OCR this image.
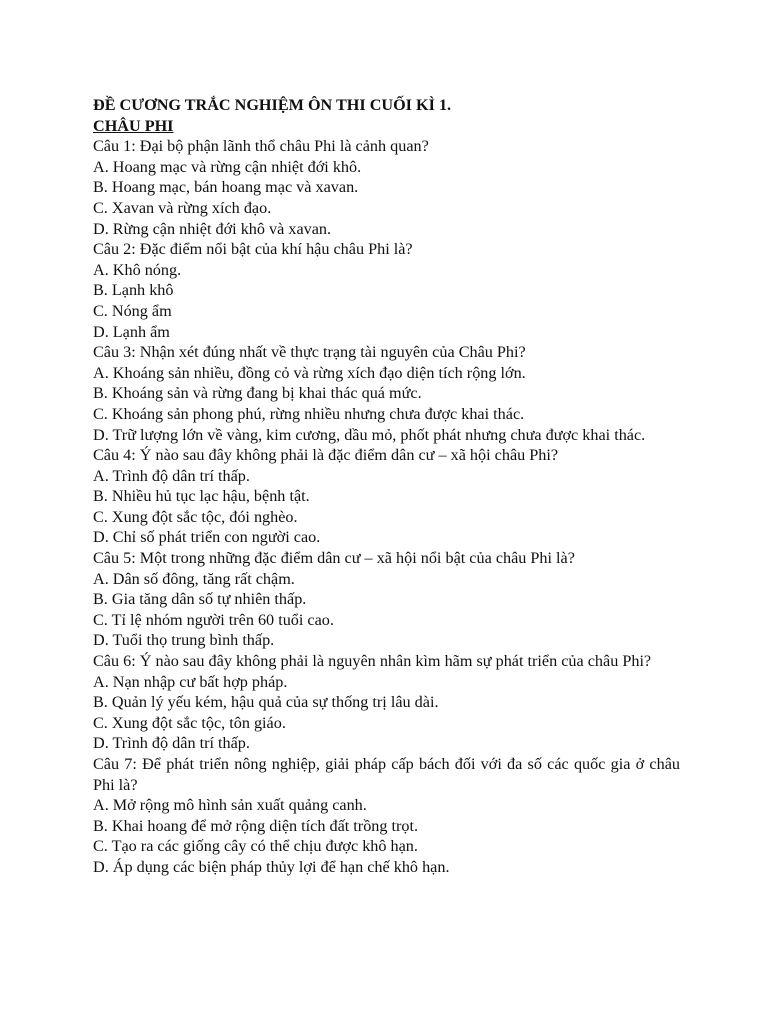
ĐỀ CƯƠNG TRẮC NGHIỆM ÔN THI CUỐI KÌ 1.
CHÂU PHI
Câu 1: Đại bộ phận lãnh thổ châu Phi là cảnh quan?
A. Hoang mạc và rừng cận nhiệt đới khô.
B. Hoang mạc, bán hoang mạc và xavan.
C. Xavan và rừng xích đạo.
D. Rừng cận nhiệt đới khô và xavan.
Câu 2: Đặc điểm nổi bật của khí hậu châu Phi là?
A. Khô nóng.
B. Lạnh khô
C. Nóng ẩm
D. Lạnh ẩm
Câu 3: Nhận xét đúng nhất về thực trạng tài nguyên của Châu Phi?
A. Khoáng sản nhiều, đồng cỏ và rừng xích đạo diện tích rộng lớn.
B. Khoáng sản và rừng đang bị khai thác quá mức.
C. Khoáng sản phong phú, rừng nhiều nhưng chưa được khai thác.
D. Trữ lượng lớn về vàng, kim cương, dầu mỏ, phốt phát nhưng chưa được khai thác.
Câu 4: Ý nào sau đây không phải là đặc điểm dân cư – xã hội châu Phi?
A. Trình độ dân trí thấp.
B. Nhiều hủ tục lạc hậu, bệnh tật.
C. Xung đột sắc tộc, đói nghèo.
D. Chỉ số phát triển con người cao.
Câu 5: Một trong những đặc điểm dân cư – xã hội nổi bật của châu Phi là?
A. Dân số đông, tăng rất chậm.
B. Gia tăng dân số tự nhiên thấp.
C. Tỉ lệ nhóm người trên 60 tuổi cao.
D. Tuổi thọ trung bình thấp.
Câu 6: Ý nào sau đây không phải là nguyên nhân kìm hãm sự phát triển của châu Phi?
A. Nạn nhập cư bất hợp pháp.
B. Quản lý yếu kém, hậu quả của sự thống trị lâu dài.
C. Xung đột sắc tộc, tôn giáo.
D. Trình độ dân trí thấp.
Câu 7: Để phát triển nông nghiệp, giải pháp cấp bách đối với đa số các quốc gia ở châu Phi là?
A. Mở rộng mô hình sản xuất quảng canh.
B. Khai hoang để mở rộng diện tích đất trồng trọt.
C. Tạo ra các giống cây có thể chịu được khô hạn.
D. Áp dụng các biện pháp thủy lợi để hạn chế khô hạn.
